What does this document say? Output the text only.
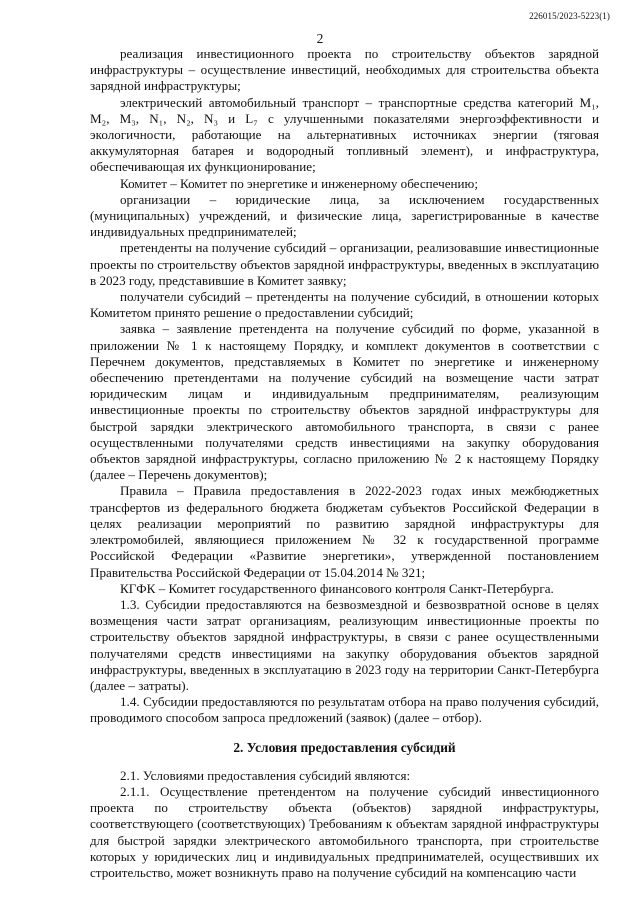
226015/2023-5223(1)
2

реализация инвестиционного проекта по строительству объектов зарядной инфраструктуры – осуществление инвестиций, необходимых для строительства объекта зарядной инфраструктуры;

электрический автомобильный транспорт – транспортные средства категорий M₁, M₂, M₃, N₁, N₂, N₃ и L₇ с улучшенными показателями энергоэффективности и экологичности, работающие на альтернативных источниках энергии (тяговая аккумуляторная батарея и водородный топливный элемент), и инфраструктура, обеспечивающая их функционирование;

Комитет – Комитет по энергетике и инженерному обеспечению;

организации – юридические лица, за исключением государственных (муниципальных) учреждений, и физические лица, зарегистрированные в качестве индивидуальных предпринимателей;

претенденты на получение субсидий – организации, реализовавшие инвестиционные проекты по строительству объектов зарядной инфраструктуры, введенных в эксплуатацию в 2023 году, представившие в Комитет заявку;

получатели субсидий – претенденты на получение субсидий, в отношении которых Комитетом принято решение о предоставлении субсидий;

заявка – заявление претендента на получение субсидий по форме, указанной в приложении № 1 к настоящему Порядку, и комплект документов в соответствии с Перечнем документов, представляемых в Комитет по энергетике и инженерному обеспечению претендентами на получение субсидий на возмещение части затрат юридическим лицам и индивидуальным предпринимателям, реализующим инвестиционные проекты по строительству объектов зарядной инфраструктуры для быстрой зарядки электрического автомобильного транспорта, в связи с ранее осуществленными получателями средств инвестициями на закупку оборудования объектов зарядной инфраструктуры, согласно приложению № 2 к настоящему Порядку (далее – Перечень документов);

Правила – Правила предоставления в 2022-2023 годах иных межбюджетных трансфертов из федерального бюджета бюджетам субъектов Российской Федерации в целях реализации мероприятий по развитию зарядной инфраструктуры для электромобилей, являющиеся приложением № 32 к государственной программе Российской Федерации «Развитие энергетики», утвержденной постановлением Правительства Российской Федерации от 15.04.2014 № 321;

КГФК – Комитет государственного финансового контроля Санкт-Петербурга.

1.3. Субсидии предоставляются на безвозмездной и безвозвратной основе в целях возмещения части затрат организациям, реализующим инвестиционные проекты по строительству объектов зарядной инфраструктуры, в связи с ранее осуществленными получателями средств инвестициями на закупку оборудования объектов зарядной инфраструктуры, введенных в эксплуатацию в 2023 году на территории Санкт-Петербурга (далее – затраты).

1.4. Субсидии предоставляются по результатам отбора на право получения субсидий, проводимого способом запроса предложений (заявок) (далее – отбор).

2. Условия предоставления субсидий

2.1. Условиями предоставления субсидий являются:

2.1.1. Осуществление претендентом на получение субсидий инвестиционного проекта по строительству объекта (объектов) зарядной инфраструктуры, соответствующего (соответствующих) Требованиям к объектам зарядной инфраструктуры для быстрой зарядки электрического автомобильного транспорта, при строительстве которых у юридических лиц и индивидуальных предпринимателей, осуществивших их строительство, может возникнуть право на получение субсидий на компенсацию части
